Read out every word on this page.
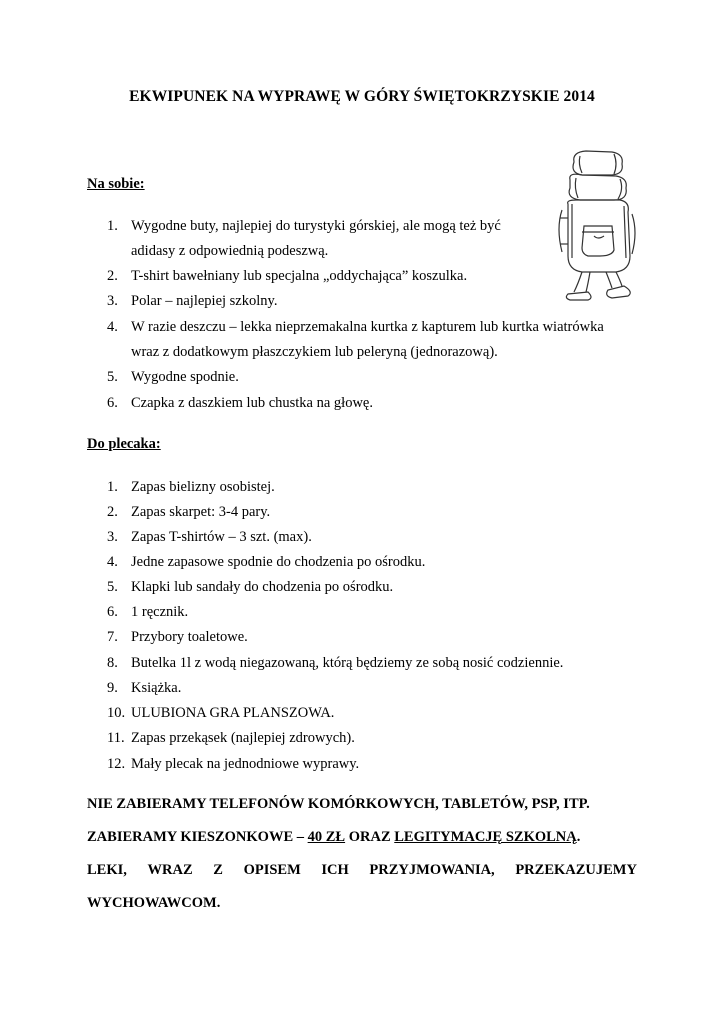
EKWIPUNEK NA WYPRAWĘ W GÓRY ŚWIĘTOKRZYSKIE 2014
Na sobie:
1. Wygodne buty, najlepiej do turystyki górskiej, ale mogą też być
adidasy z odpowiednią podeszwą.
2. T-shirt bawełniany lub specjalna „oddychająca” koszulka.
3. Polar – najlepiej szkolny.
4. W razie deszczu – lekka nieprzemakalna kurtka z kapturem lub kurtka wiatrówka
wraz z dodatkowym płaszczykiem lub peleryną (jednorazową).
5. Wygodne spodnie.
6. Czapka z daszkiem lub chustka na głowę.
Do plecaka:
1. Zapas bielizny osobistej.
2. Zapas skarpet: 3-4 pary.
3. Zapas T-shirtów – 3 szt. (max).
4. Jedne zapasowe spodnie do chodzenia po ośrodku.
5. Klapki lub sandały do chodzenia po ośrodku.
6. 1 ręcznik.
7. Przybory toaletowe.
8. Butelka 1l z wodą niegazowaną, którą będziemy ze sobą nosić codziennie.
9. Książka.
10. ULUBIONA GRA PLANSZOWA.
11. Zapas przekąsek (najlepiej zdrowych).
12. Mały plecak na jednodniowe wyprawy.
NIE ZABIERAMY TELEFONÓW KOMÓRKOWYCH, TABLETÓW, PSP, ITP.
ZABIERAMY KIESZONKOWE – 40 ZŁ ORAZ LEGITYMACJĘ SZKOLNĄ.
LEKI, WRAZ Z OPISEM ICH PRZYJMOWANIA, PRZEKAZUJEMY
WYCHOWAWCOM.
